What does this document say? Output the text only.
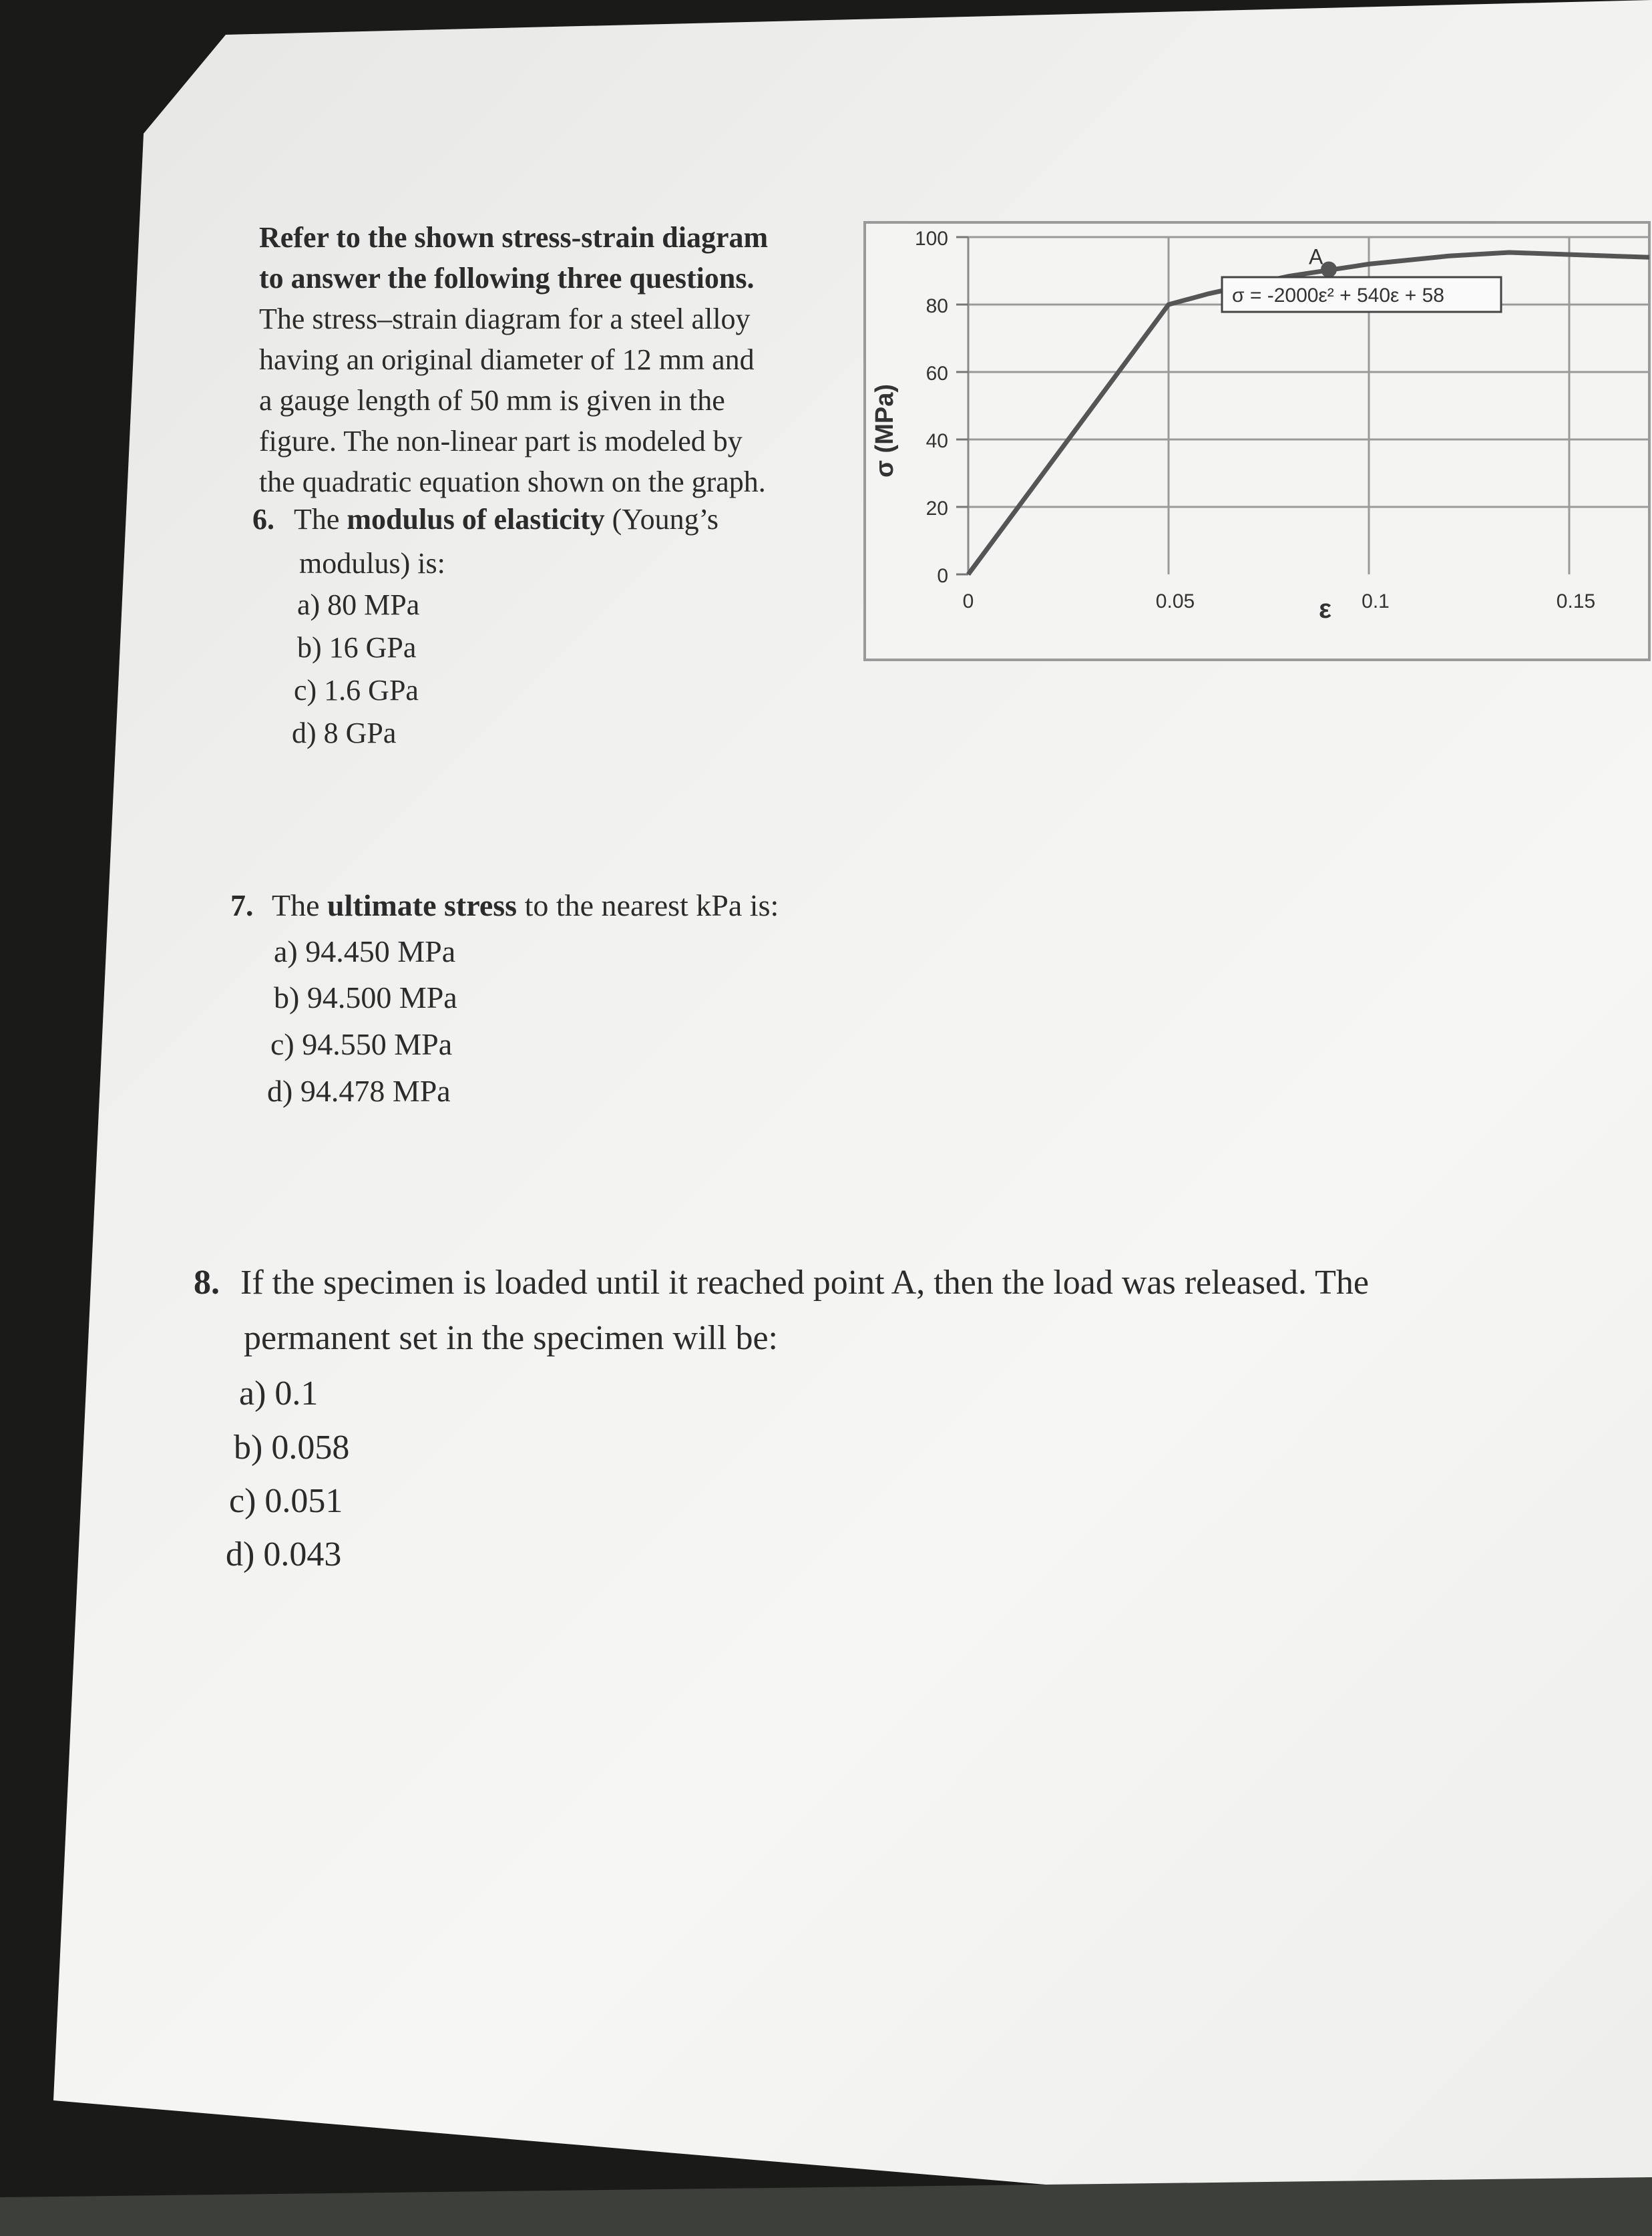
Refer to the shown stress-strain diagram
to answer the following three questions.
The stress–strain diagram for a steel alloy
having an original diameter of 12 mm and
a gauge length of 50 mm is given in the
figure. The non-linear part is modeled by
the quadratic equation shown on the graph.
6. The modulus of elasticity (Young’s
modulus) is:
a) 80 MPa
b) 16 GPa
c) 1.6 GPa
d) 8 GPa
7. The ultimate stress to the nearest kPa is:
a) 94.450 MPa
b) 94.500 MPa
c) 94.550 MPa
d) 94.478 MPa
8. If the specimen is loaded until it reached point A, then the load was released. The
permanent set in the specimen will be:
a) 0.1
b) 0.058
c) 0.051
d) 0.043
0
20
40
60
80
100
0	0.05	0.1	0.15
A
σ = -2000ε² + 540ε + 58
σ (MPa)
ε
